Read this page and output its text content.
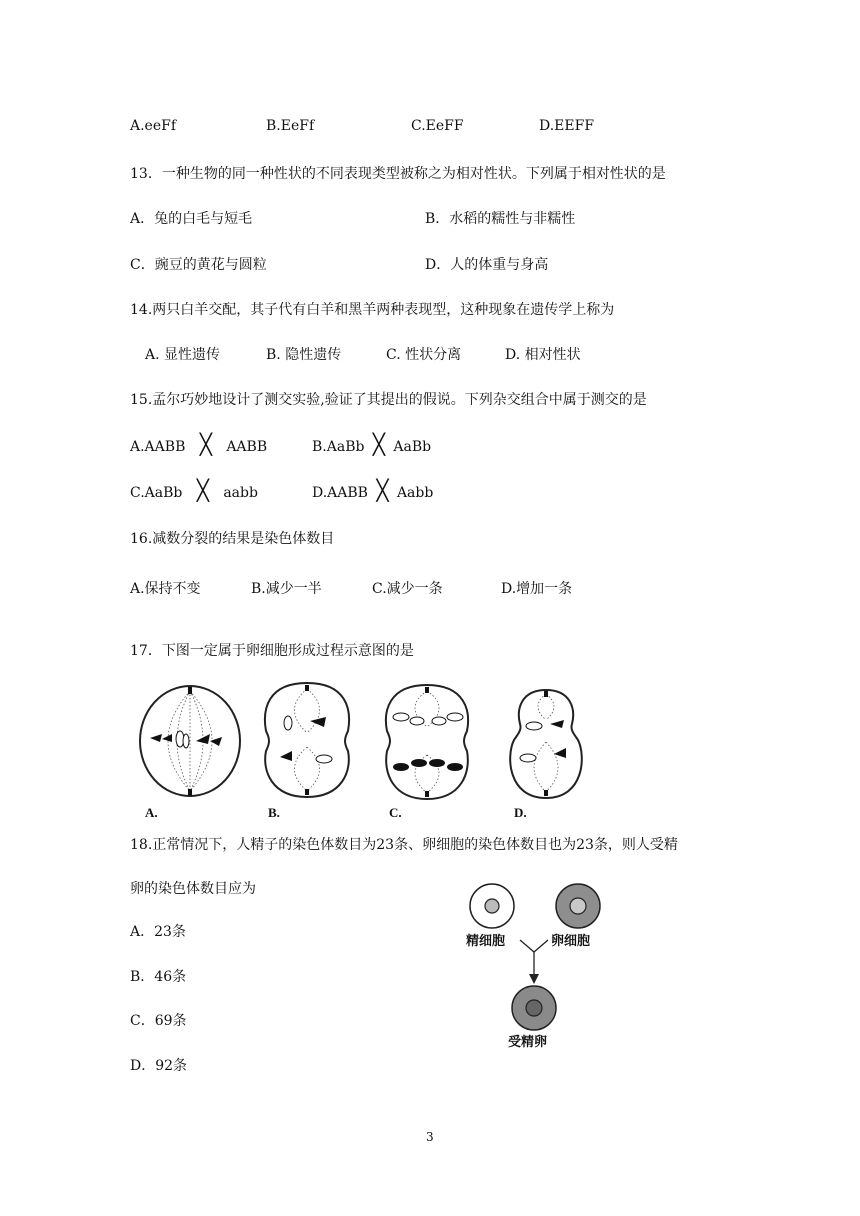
A.eeFf	B.EeFf	C.EeFF	D.EEFF
13．一种生物的同一种性状的不同表现类型被称之为相对性状。下列属于相对性状的是
A．兔的白毛与短毛	B．水稻的糯性与非糯性
C．豌豆的黄花与圆粒	D．人的体重与身高
14.两只白羊交配，其子代有白羊和黑羊两种表现型，这种现象在遗传学上称为
A. 显性遗传	B. 隐性遗传	C. 性状分离	D. 相对性状
15.孟尔巧妙地设计了测交实验,验证了其提出的假说。下列杂交组合中属于测交的是
A.AABB ╳ AABB	B.AaBb ╳ AaBb
C.AaBb ╳ aabb	D.AABB ╳ Aabb
16.减数分裂的结果是染色体数目
A.保持不变	B.减少一半	C.减少一条	D.增加一条
17．下图一定属于卵细胞形成过程示意图的是
A.	B.	C.	D.
18.正常情况下，人精子的染色体数目为23条、卵细胞的染色体数目也为23条，则人受精
卵的染色体数目应为
A．23条
B．46条
C．69条
D．92条
精细胞	卵细胞
受精卵
3
